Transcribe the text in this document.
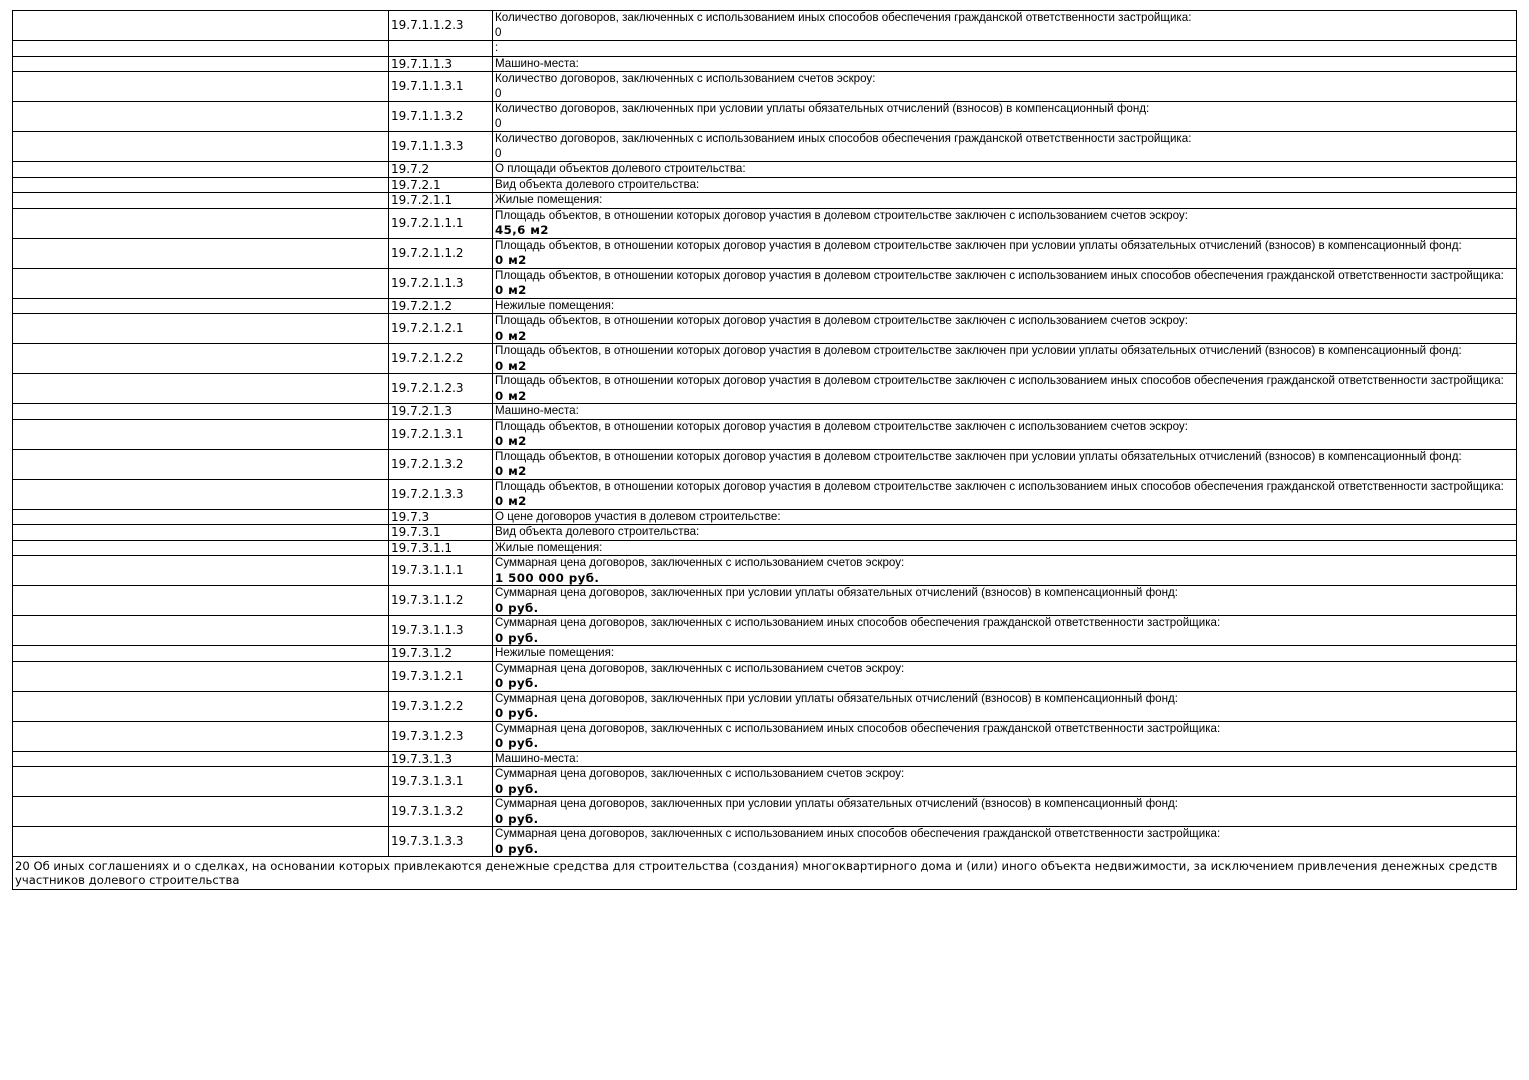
	19.7.1.1.2.3	Количество договоров, заключенных с использованием иных способов обеспечения гражданской ответственности застройщика:
0

		:

	19.7.1.1.3	Машино-места:

	19.7.1.1.3.1	Количество договоров, заключенных с использованием счетов эскроу:
0

	19.7.1.1.3.2	Количество договоров, заключенных при условии уплаты обязательных отчислений (взносов) в компенсационный фонд:
0

	19.7.1.1.3.3	Количество договоров, заключенных с использованием иных способов обеспечения гражданской ответственности застройщика:
0

	19.7.2	О площади объектов долевого строительства:

	19.7.2.1	Вид объекта долевого строительства:

	19.7.2.1.1	Жилые помещения:

	19.7.2.1.1.1	Площадь объектов, в отношении которых договор участия в долевом строительстве заключен с использованием счетов эскроу:
45,6 м2

	19.7.2.1.1.2	Площадь объектов, в отношении которых договор участия в долевом строительстве заключен при условии уплаты обязательных отчислений (взносов) в компенсационный фонд:
0 м2

	19.7.2.1.1.3	Площадь объектов, в отношении которых договор участия в долевом строительстве заключен с использованием иных способов обеспечения гражданской ответственности застройщика:
0 м2

	19.7.2.1.2	Нежилые помещения:

	19.7.2.1.2.1	Площадь объектов, в отношении которых договор участия в долевом строительстве заключен с использованием счетов эскроу:
0 м2

	19.7.2.1.2.2	Площадь объектов, в отношении которых договор участия в долевом строительстве заключен при условии уплаты обязательных отчислений (взносов) в компенсационный фонд:
0 м2

	19.7.2.1.2.3	Площадь объектов, в отношении которых договор участия в долевом строительстве заключен с использованием иных способов обеспечения гражданской ответственности застройщика:
0 м2

	19.7.2.1.3	Машино-места:

	19.7.2.1.3.1	Площадь объектов, в отношении которых договор участия в долевом строительстве заключен с использованием счетов эскроу:
0 м2

	19.7.2.1.3.2	Площадь объектов, в отношении которых договор участия в долевом строительстве заключен при условии уплаты обязательных отчислений (взносов) в компенсационный фонд:
0 м2

	19.7.2.1.3.3	Площадь объектов, в отношении которых договор участия в долевом строительстве заключен с использованием иных способов обеспечения гражданской ответственности застройщика:
0 м2

	19.7.3	О цене договоров участия в долевом строительстве:

	19.7.3.1	Вид объекта долевого строительства:

	19.7.3.1.1	Жилые помещения:

	19.7.3.1.1.1	Суммарная цена договоров, заключенных с использованием счетов эскроу:
1 500 000 руб.

	19.7.3.1.1.2	Суммарная цена договоров, заключенных при условии уплаты обязательных отчислений (взносов) в компенсационный фонд:
0 руб.

	19.7.3.1.1.3	Суммарная цена договоров, заключенных с использованием иных способов обеспечения гражданской ответственности застройщика:
0 руб.

	19.7.3.1.2	Нежилые помещения:

	19.7.3.1.2.1	Суммарная цена договоров, заключенных с использованием счетов эскроу:
0 руб.

	19.7.3.1.2.2	Суммарная цена договоров, заключенных при условии уплаты обязательных отчислений (взносов) в компенсационный фонд:
0 руб.

	19.7.3.1.2.3	Суммарная цена договоров, заключенных с использованием иных способов обеспечения гражданской ответственности застройщика:
0 руб.

	19.7.3.1.3	Машино-места:

	19.7.3.1.3.1	Суммарная цена договоров, заключенных с использованием счетов эскроу:
0 руб.

	19.7.3.1.3.2	Суммарная цена договоров, заключенных при условии уплаты обязательных отчислений (взносов) в компенсационный фонд:
0 руб.

	19.7.3.1.3.3	Суммарная цена договоров, заключенных с использованием иных способов обеспечения гражданской ответственности застройщика:
0 руб.

20 Об иных соглашениях и о сделках, на основании которых привлекаются денежные средства для строительства (создания) многоквартирного дома и (или) иного объекта недвижимости, за исключением привлечения денежных средств участников долевого строительства		
